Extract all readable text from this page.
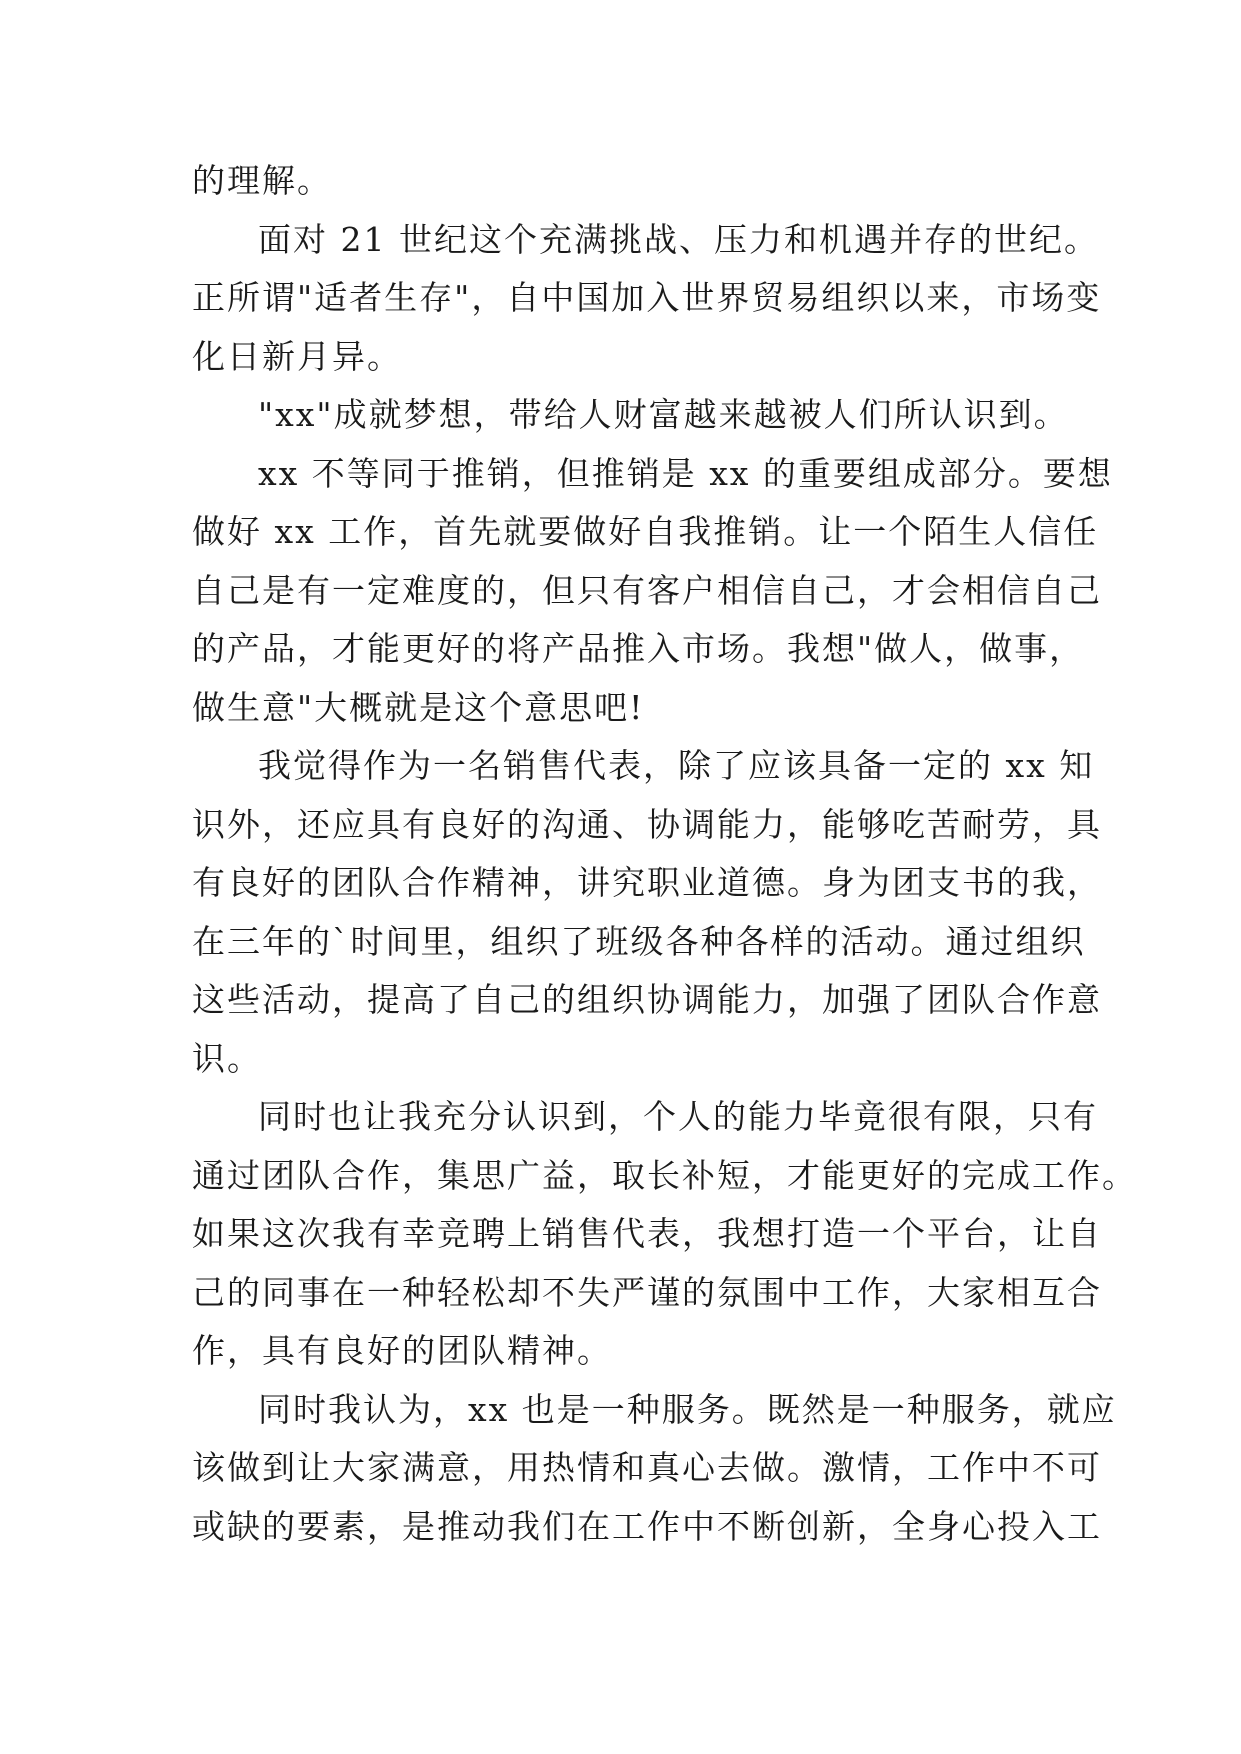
的理解。
面对 21 世纪这个充满挑战、压力和机遇并存的世纪。
正所谓"适者生存"，自中国加入世界贸易组织以来，市场变
化日新月异。
"xx"成就梦想，带给人财富越来越被人们所认识到。
xx 不等同于推销，但推销是 xx 的重要组成部分。要想
做好 xx 工作，首先就要做好自我推销。让一个陌生人信任
自己是有一定难度的，但只有客户相信自己，才会相信自己
的产品，才能更好的将产品推入市场。我想"做人，做事，
做生意"大概就是这个意思吧!
我觉得作为一名销售代表，除了应该具备一定的 xx 知
识外，还应具有良好的沟通、协调能力，能够吃苦耐劳，具
有良好的团队合作精神，讲究职业道德。身为团支书的我，
在三年的`时间里，组织了班级各种各样的活动。通过组织
这些活动，提高了自己的组织协调能力，加强了团队合作意
识。
同时也让我充分认识到，个人的能力毕竟很有限，只有
通过团队合作，集思广益，取长补短，才能更好的完成工作。
如果这次我有幸竞聘上销售代表，我想打造一个平台，让自
己的同事在一种轻松却不失严谨的氛围中工作，大家相互合
作，具有良好的团队精神。
同时我认为，xx 也是一种服务。既然是一种服务，就应
该做到让大家满意，用热情和真心去做。激情，工作中不可
或缺的要素，是推动我们在工作中不断创新，全身心投入工
